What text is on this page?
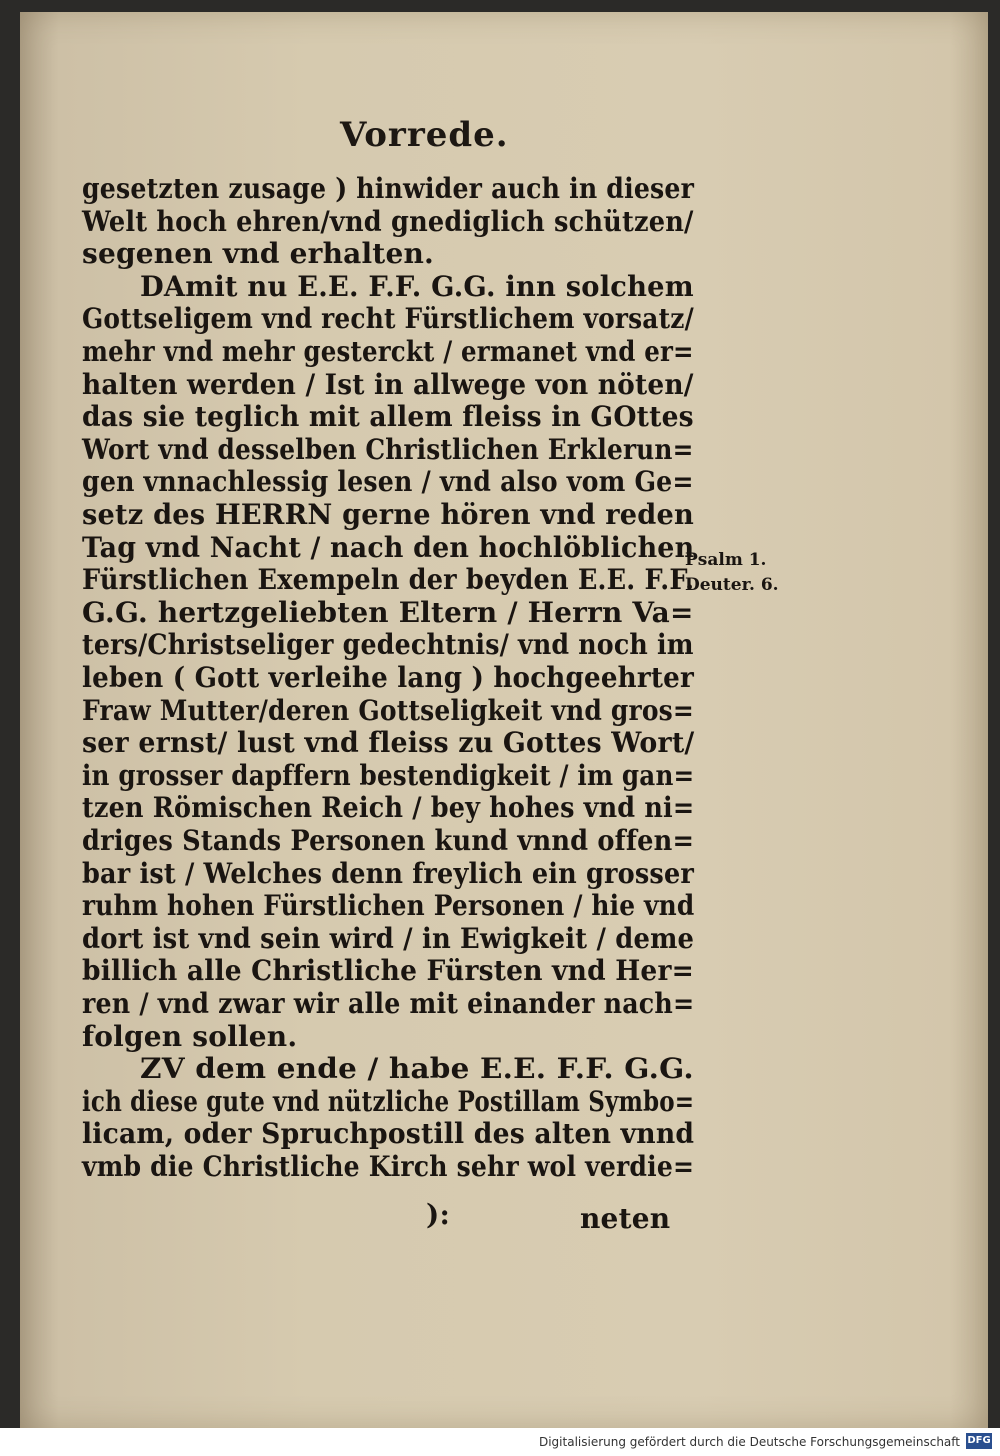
Vorrede.
gesetzten zusage ) hinwider auch in dieser
Welt hoch ehren/vnd gnediglich schützen/
segenen vnd erhalten.
DAmit nu E.E. F.F. G.G. inn solchem
Gottseligem vnd recht Fürstlichem vorsatz/
mehr vnd mehr gesterckt / ermanet vnd er=
halten werden / Ist in allwege von nöten/
das sie teglich mit allem fleiss in GOttes
Wort vnd desselben Christlichen Erklerun=
gen vnnachlessig lesen / vnd also vom Ge=
setz des HERRN gerne hören vnd reden
Tag vnd Nacht / nach den hochlöblichen
Fürstlichen Exempeln der beyden E.E. F.F.
G.G. hertzgeliebten Eltern / Herrn Va=
ters/Christseliger gedechtnis/ vnd noch im
leben ( Gott verleihe lang ) hochgeehrter
Fraw Mutter/deren Gottseligkeit vnd gros=
ser ernst/ lust vnd fleiss zu Gottes Wort/
in grosser dapffern bestendigkeit / im gan=
tzen Römischen Reich / bey hohes vnd ni=
driges Stands Personen kund vnnd offen=
bar ist / Welches denn freylich ein grosser
ruhm hohen Fürstlichen Personen / hie vnd
dort ist vnd sein wird / in Ewigkeit / deme
billich alle Christliche Fürsten vnd Her=
ren / vnd zwar wir alle mit einander nach=
folgen sollen.
ZV dem ende / habe E.E. F.F. G.G.
ich diese gute vnd nützliche Postillam Symbo=
licam, oder Spruchpostill des alten vnnd
vmb die Christliche Kirch sehr wol verdie=
Psalm 1.
Deuter. 6.
):	neten
Digitalisierung gefördert durch die Deutsche Forschungsgemeinschaft DFG
